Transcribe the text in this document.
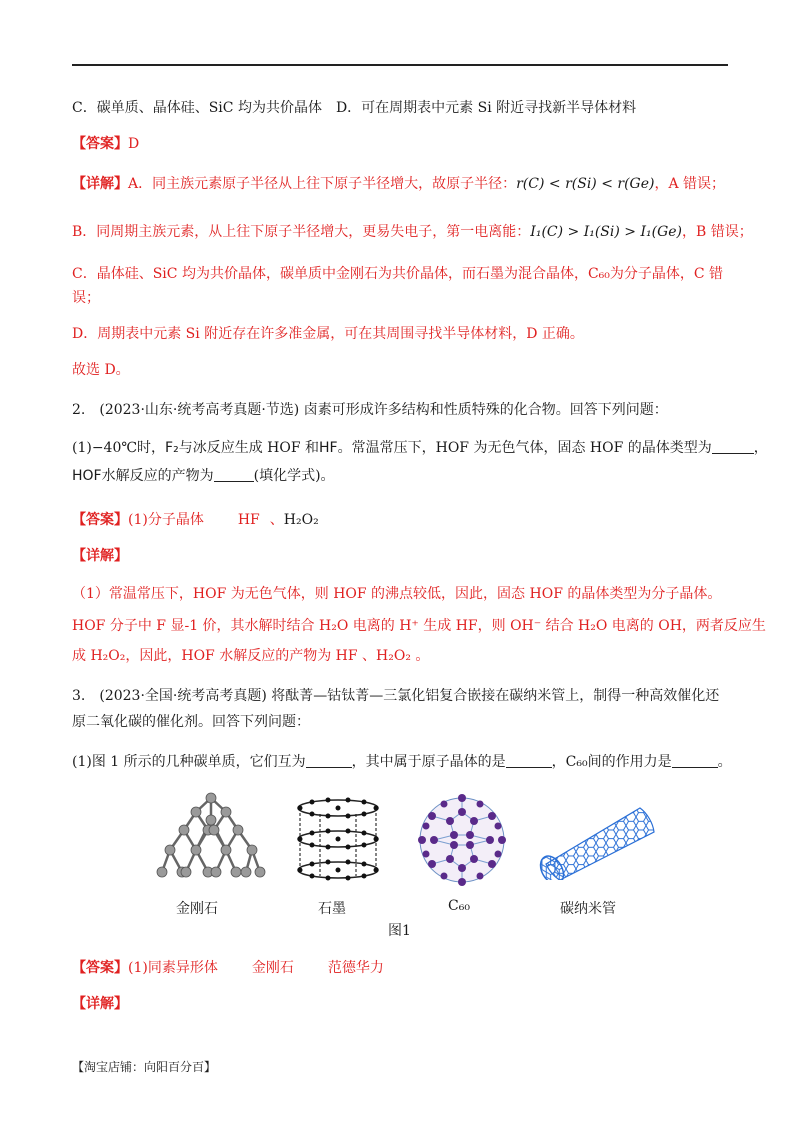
C．碳单质、晶体硅、SiC 均为共价晶体　D．可在周期表中元素 Si 附近寻找新半导体材料
【答案】D
【详解】A．同主族元素原子半径从上往下原子半径增大，故原子半径：r(C) < r(Si) < r(Ge)，A 错误；
B．同周期主族元素，从上往下原子半径增大，更易失电子，第一电离能：I₁(C) > I₁(Si) > I₁(Ge)，B 错误；
C．晶体硅、SiC 均为共价晶体，碳单质中金刚石为共价晶体，而石墨为混合晶体，C₆₀为分子晶体，C 错
误；
D．周期表中元素 Si 附近存在许多准金属，可在其周围寻找半导体材料，D 正确。
故选 D。
2.　(2023·山东·统考高考真题·节选) 卤素可形成许多结构和性质特殊的化合物。回答下列问题：
(1)−40℃时，F₂与冰反应生成 HOF 和HF。常温常压下，HOF 为无色气体，固态 HOF 的晶体类型为	，
HOF水解反应的产物为	(填化学式)。
【答案】(1)分子晶体 HF 、H₂O₂
【详解】
（1）常温常压下，HOF 为无色气体，则 HOF 的沸点较低，因此，固态 HOF 的晶体类型为分子晶体。
HOF 分子中 F 显-1 价，其水解时结合 H₂O 电离的 H⁺ 生成 HF，则 OH⁻ 结合 H₂O 电离的 OH，两者反应生
成 H₂O₂，因此，HOF 水解反应的产物为 HF 、H₂O₂ 。
3.　(2023·全国·统考高考真题) 将酞菁—钴钛菁—三氯化铝复合嵌接在碳纳米管上，制得一种高效催化还
原二氧化碳的催化剂。回答下列问题：
(1)图 1 所示的几种碳单质，它们互为	，其中属于原子晶体的是	，C₆₀间的作用力是	。
金刚石	石墨	C₆₀	碳纳米管
图1
【答案】(1)同素异形体 金刚石 范德华力
【详解】
【淘宝店铺：向阳百分百】
